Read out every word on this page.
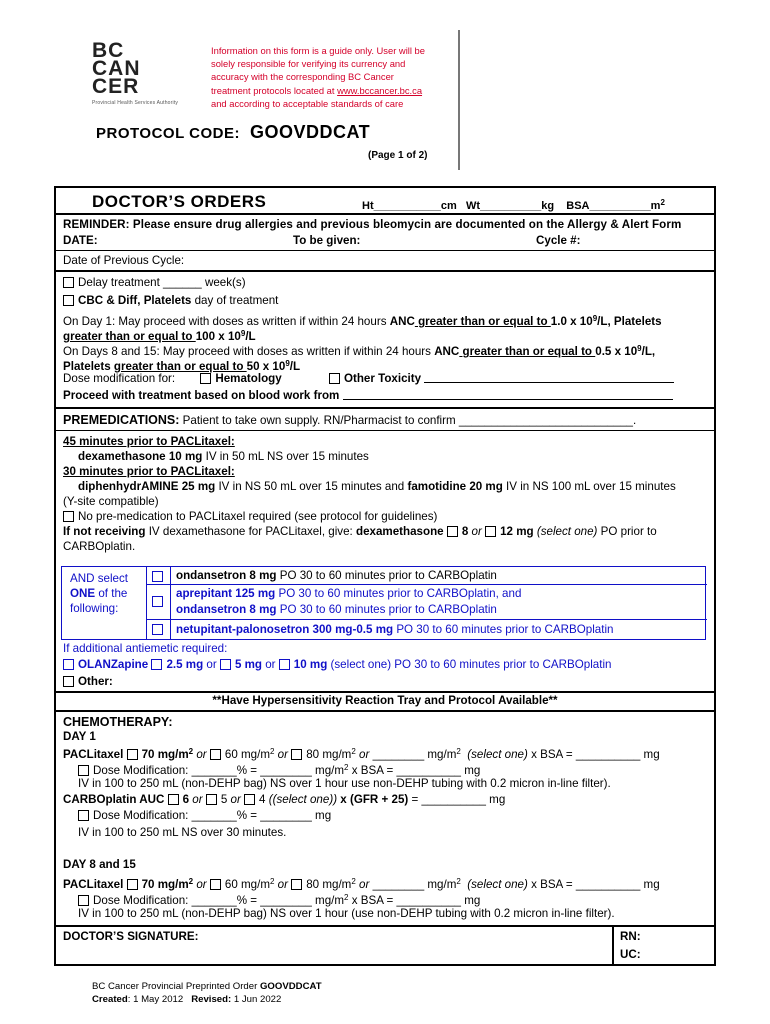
BC
CAN
CER
Provincial Health Services Authority
Information on this form is a guide only. User will be
solely responsible for verifying its currency and
accuracy with the corresponding BC Cancer
treatment protocols located at www.bccancer.bc.ca
and according to acceptable standards of care
PROTOCOL CODE: GOOVDDCAT
(Page 1 of 2)
DOCTOR’S ORDERS	Ht___________cm Wt__________kg $BSA\_\_\_\_\_\_\_\_\_\_m^2$
REMINDER: Please ensure drug allergies and previous bleomycin are documented on the Allergy & Alert Form
DATE:	To be given:	Cycle #:
Date of Previous Cycle:
Delay treatment ______ week(s)
CBC & Diff, Platelets day of treatment
On Day 1: May proceed with doses as written if within 24 hours ANC greater than or equal to 1.0 x $10^9/L$, Platelets
greater than or equal to 100 x $10^9/L$
On Days 8 and 15: May proceed with doses as written if within 24 hours ANC greater than or equal to 0.5 x $10^9/L$,
Platelets greater than or equal to 50 x $10^9/L$
Dose modification for:	Hematology	Other Toxicity
Proceed with treatment based on blood work from
PREMEDICATIONS: Patient to take own supply. RN/Pharmacist to confirm ___________________________.
45 minutes prior to PACLitaxel:
dexamethasone 10 mg IV in 50 mL NS over 15 minutes
30 minutes prior to PACLitaxel:
diphenhydrAMINE 25 mg IV in NS 50 mL over 15 minutes and famotidine 20 mg IV in NS 100 mL over 15 minutes
(Y-site compatible)
No pre-medication to PACLitaxel required (see protocol for guidelines)
If not receiving IV dexamethasone for PACLitaxel, give: dexamethasone 8 or 12 mg (select one) PO prior to
CARBOplatin.
AND select
ONE of the
following:
ondansetron 8 mg PO 30 to 60 minutes prior to CARBOplatin
aprepitant 125 mg PO 30 to 60 minutes prior to CARBOplatin, and
ondansetron 8 mg PO 30 to 60 minutes prior to CARBOplatin
netupitant-palonosetron 300 mg-0.5 mg PO 30 to 60 minutes prior to CARBOplatin
If additional antiemetic required:
OLANZapine 2.5 mg or 5 mg or 10 mg (select one) PO 30 to 60 minutes prior to CARBOplatin
Other:
**Have Hypersensitivity Reaction Tray and Protocol Available**
CHEMOTHERAPY:
DAY 1
PACLitaxel 70 $mg/m^2$ or 60 $mg/m^2$ or 80 $mg/m^2$ or ________ $mg/m^2$ (select one) x BSA = __________ mg
Dose Modification: _______% = ________ $mg/m^2$ x BSA = __________ mg
IV in 100 to 250 mL (non-DEHP bag) NS over 1 hour use non-DEHP tubing with 0.2 micron in-line filter).
CARBOplatin AUC 6 or 5 or 4 ((select one)) x (GFR + 25) = __________ mg
Dose Modification: _______% = ________ mg
IV in 100 to 250 mL NS over 30 minutes.
DAY 8 and 15
PACLitaxel 70 $mg/m^2$ or 60 $mg/m^2$ or 80 $mg/m^2$ or ________ $mg/m^2$ (select one) x BSA = __________ mg
Dose Modification: _______% = ________ $mg/m^2$ x BSA = __________ mg
IV in 100 to 250 mL (non-DEHP bag) NS over 1 hour (use non-DEHP tubing with 0.2 micron in-line filter).
DOCTOR’S SIGNATURE:	RN:
UC:
BC Cancer Provincial Preprinted Order GOOVDDCAT
Created: 1 May 2012 Revised: 1 Jun 2022
